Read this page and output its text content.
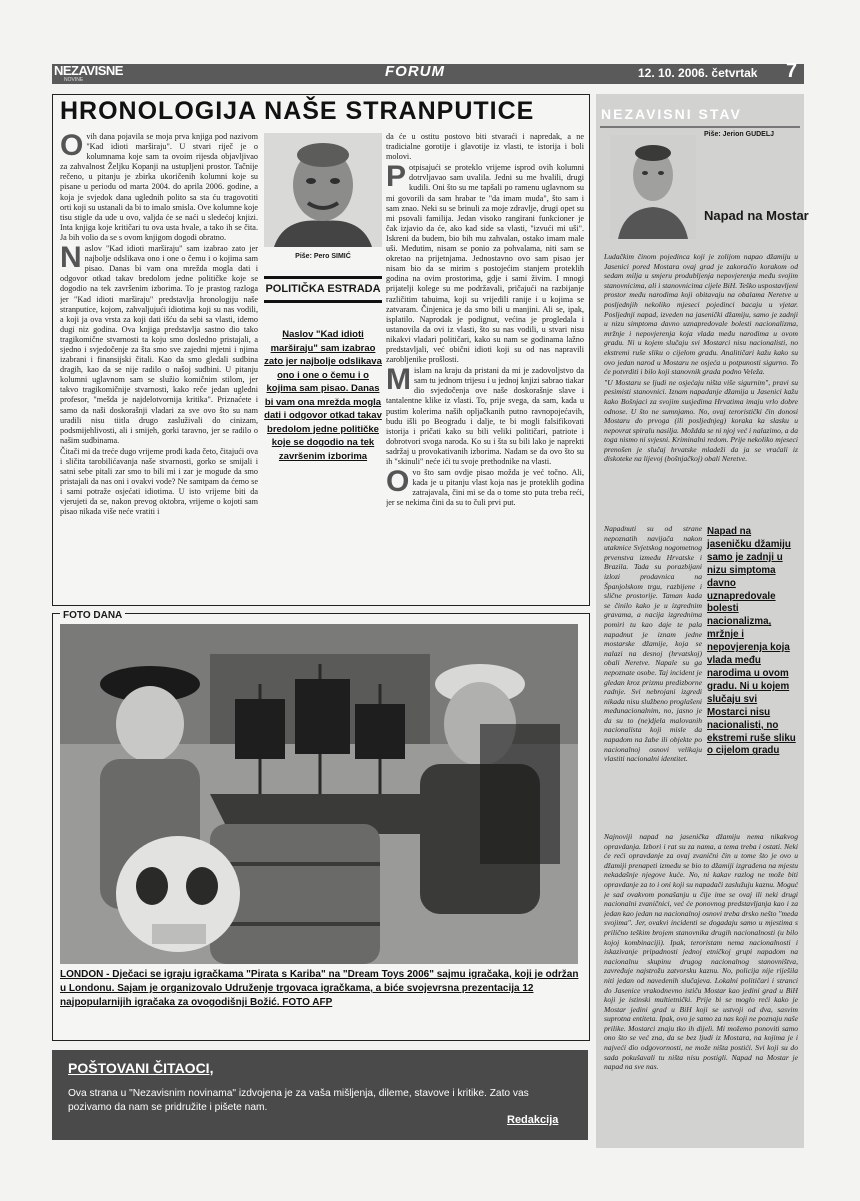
NEZAVISNE
NOVINE	FORUM	12. 10. 2006. četvrtak 7
HRONOLOGIJA NAŠE STRANPUTICE

Ovih dana pojavila se moja prva knjiga pod nazivom "Kad idioti marširaju". U stvari riječ je o kolumnama koje sam ta ovoim rijesda objavljivao za zahvalnost Željku Kopanji na ustupljeni prostor. Tačnije rečeno, u pitanju je zbirka ukoričenih kolumni koje su pisane u periodu od marta 2004. do aprila 2006. godine, a koja je svjedok dana uglednih polito sa sta ću tragovotiti orti koji su ustanali da bi to imalo smisla. Ove kolumne koje tisu stigle da ude u ovo, valjda će se naći u sledećoj knjizi. Inta knjiga koje kritičari tu ova usta hvale, a tako ih se čita. Ja bih volio da se s ovom knjigom dogodi obratno.

Naslov "Kad idioti marširaju" sam izabrao zato jer najbolje odslikava ono i one o čemu i o kojima sam pisao. Danas bi vam ona mrežda mogla dati i odgovor otkad takav bredolom jedne političke koje se dogodio na tek završenim izborima. To je prastog razloga jer "Kad idioti marširaju" predstavlja hronologiju naše stranputice, kojom, zahvaljujući idiotima koji su nas vodili, a koji ja ova vrsta za koji dati išću da sebi sa vlasti, idemo dugi niz godina. Ova knjiga predstavlja sastno dio tako tragikomične stvarnosti ta koju smo dosledno pristajali, a sjedno i svjedočenje za šta smo sve zajedni mjetni i njima izabrani i finansijski čitali. Kao da smo gledali sudbina dragih, kao da se nije radilo o našoj sudbini. U pitanju kolumni uglavnom sam se služio komičnim stilom, jer takvo tragikomičnije stvarnosti, kako reče jedan ugledni profesor, "mešda je najdelotvornija kritika". Priznaćete i samo da naši doskorašnji vladari za sve ovo što su nam uradili nisu tiitla drugo zasluživali do cinizam, podsmijehlivosti, ali i smijeh, gorki taravno, jer se radilo o našim sudbinama.

Čitači mi da treće dugo vrijeme prođi kada četo, čitajući ova i sličita tarobilićavanja naše stvarnosti, gorko se smijali i satni sebe pitali zar smo to bili mi i zar je mogude da smo pristajali da nas oni i ovakvi vode? Ne samtpam da ćemo se i sami potraže osjećati idiotima. U isto vrijeme biti da vjerujeti da se, nakon prevog oktobra, vrijeme o kojoti sam pisao nikada više neće vratiti i

Piše: Pero SIMIĆ
POLITIČKA ESTRADA
Naslov "Kad idioti marširaju" sam izabrao zato jer najbolje odslikava ono i one o čemu i o kojima sam pisao. Danas bi vam ona mrežda mogla dati i odgovor otkad takav bredolom jedne političke koje se dogodio na tek završenim izborima

da će u ostitu postovo biti stvaraći i napredak, a ne tradicialne gorotije i glavotije iz vlasti, te istorija i boli molovi.

Potpisajući se proteklo vrijeme isprod ovih kolumni dotrvljavao sam uvalila. Jedni su me hvalili, drugi kudili. Oni što su me tapšali po ramenu uglavnom su mi govorili da sam hrabar te "da imam muda", što sam i sam znao. Neki su se brinuli za moje zdravlje, drugi opet su mi psovali familija. Jedan visoko rangirani funkcioner je čak izjavio da će, ako kad side sa vlasti, "izvući mi uši". Iskreni da budem, bio bih mu zahvalan, ostako imam male uši. Međutim, nisam se ponio za pohvalama, niti sam se okretao na prijetnjama. Jednostavno ovo sam pisao jer nisam bio da se mirim s postojećim stanjem proteklih godina na ovim prostorima, gdje i sami živim. I mnogi prijatelji kolege su me podržavali, pričajući na razbijanje različitim tabuima, koji su vrijedili ranije i u kojima se zatvaram. Činjenica je da smo bili u manjini. Ali se, ipak, isplatilo. Naprodak je podignut, većina je progledala i ustanovila da ovi iz vlasti, što su nas vodili, u stvari nisu nikakvi vladari političari, kako su nam se godinama lažno predstavljali, već obični idioti koji su od nas napravili zarobljenike prošlosti.

Mislam na kraju da pristani da mi je zadovoljstvo da sam tu jednom trijesu i u jednoj knjizi sabrao tiakar dio svjedočenja ove naše doskorašnje slave i tantalentne klike iz vlasti. To, prije svega, da sam, kada u pustim kolerima naših opljačkanih putno ravnopojećavih, budu išli po Beogradu i dalje, te bi mogli falsifikovati istorija i pričati kako su bili veliki političari, patriote i dobrotvori svoga naroda. Ko su i šta su bili lako je naprekti sadržaj u provokativanih izborima. Nadam se da ovo što su ih "skinuli" neće ići tu svoje prethodnike na vlasti.

Ovo što sam ovdje pisao možda je već točno. Ali, kada je u pitanju vlast koja nas je proteklih godina zatrajavala, čini mi se da o tome sto puta treba reći, jer se nekima čini da su to čuli prvi put.

FOTO DANA
LONDON - Dječaci se igraju igračkama "Pirata s Kariba" na "Dream Toys 2006" sajmu igračaka, koji je održan u Londonu. Sajam je organizovalo Udruženje trgovaca igračkama, a biće svojevrsna prezentacija 12 najpopularnijih igračaka za ovogodišnji Božić. FOTO AFP
POŠTOVANI ČITAOCI,
Ova strana u "Nezavisnim novinama" izdvojena je za vaša mišljenja, dileme, stavove i kritike. Zato vas pozivamo da nam se pridružite i pišete nam.
Redakcija
NEZAVISNI STAV
Piše: Jerion GUDELJ
Napad na Mostar

Ludačkim činom pojedinca koji je zolijom napao džamiju u Jasenici pored Mostara ovaj grad je zakoračio korakom od sedam milja u smjeru produbljenja nepovjerenja među svojim stanovnicima, ali i stanovnicima cijele BiH. Teško uspostavljeni prostor među narodima koji obitavaju na obalama Neretve u posljednjih nekoliko mjeseci pojedinci bacaju u vjetar. Posljednji napad, izveden na jasenički džamiju, samo je zadnji u nizu simptoma davno uznapredovale bolesti nacionalizma, mržnje i nepovjerenja koja vlada među narodima u ovom gradu. Ni u kojem slučaju svi Mostarci nisu nacionalisti, no ekstremi ruše sliku o cijelom gradu. Analitičari kažu kako su ovo jedan narod u Mostaru ne osjeća u potpunosti sigurno. To će potvrditi i bilo koji stanovnik grada podno Veleža.

"U Mostaru se ljudi ne osjećaju ništa više sigurnim", pravi su pesimisti stanovnici. Iznam napadanje džamija u Jasenici kažu kako Bošnjaci za svojim susjedima Hrvatima imaju vrlo dobre odnose. U što ne sumnjamo. No, ovaj teroristički čin donosi Mostaru do prvoga (ili posljednjeg) koraka ka slasku u nepovrat spiralu nasilja. Moždda se ni njoj već i nalazimo, a da toga nismo ni svjesni. Kriminalni redom. Prije nekoliko mjeseci prenošen je slučaj hrvatske mladeži da ja se vraćali iz diskoteke na lijevoj (bošnjačkoj) obali Neretve.

Napadnuti su od strane nepoznatih navijača nakon utakmice Svjetskog nogometnog prvenstva između Hrvatske i Brazila. Tada su porazbijani izlozi prodavnica na Španjolskom trgu, razbijene i slične prostorije. Taman kada se činilo kako je u izgrednim gravama, a nacija izgrednima pomiri tu kao daje te pala napadnut je iznam jedne mostarske džamije, koja se nalazi na desnoj (hrvatskoj) obali Neretve. Napale su ga nepoznate osobe. Taj incident je gledan kroz prizmu predizborne radnje. Svi nebrojani izgredi nikada nisu službeno proglašeni međunacionalnim, no, jasno je da su to (ne)djela malovanih nacionalista koji misle da napadom na žabe ili objekte po nacionalnoj osnovi velikaju vlastiti nacionalni identitet.

Napad na jaseničku džamiju samo je zadnji u nizu simptoma davno uznapredovale bolesti nacionalizma, mržnje i nepovjerenja koja vlada među narodima u ovom gradu. Ni u kojem slučaju svi Mostarci nisu nacionalisti, no ekstremi ruše sliku o cijelom gradu

Najnoviji napad na jasenička džamiju nema nikakvog opravdanja. Izbori i rat su za nama, a tema treba i ostati. Neki će reći opravdanje za ovaj zvanični čin u tome što je ovo u džamiji prenapeti između se bio to džamiji izgrađena na mjestu nekadašnje njegove kuće. No, ni kakav razlog ne može biti opravdanje za to i oni koji su napadači zaslužuju kaznu. Moguć je sad ovakvom ponašanju u čije ime se ovaj ili neki drugi nacionalni zvaničnici, već će ponovnog predstavljanja kao i za jedan kao jedan na nacionalnoj osnovi treba drsko nešto "meda svojima". Jer, ovakvi incidenti se dogadaju samo u mjestima s prilično teškim brojem stanovnika drugih nacionalnosti (u bilo kojoj kombinaciji). Ipak, teroristam nema nacionalnosti i iskazivanje pripadnosti jednoj etničkoj grupi napadom na nacionalnu skupinu drugog nacionalnog stanovništva, zavređuje najstrožu zatvorsku kaznu. No, policija nije riješila niti jedan od navedenih slučajeva. Lokalni političari i stranci do Jasenice vrakodnevno ističu Mostar kao jedini grad u BiH koji je istinski multietnički. Prije bi se moglo reći kako je Mostar jedini grad u BiH koji se ustvoji od dva, sasvim suprotna entiteta. Ipak, ovo je samo za nas koji ne poznaju naše prilike. Mostarci znaju tko ih dijeli. Mi možemo ponoviti samo ono što se već zna, da se bez ljudi iz Mostara, na kojima je i najveći dio odgovornosti, ne može ništa postići. Svi koji su do sada pokušavali tu ništa nisu postigli. Napad na Mostar je napad na sve nas.
